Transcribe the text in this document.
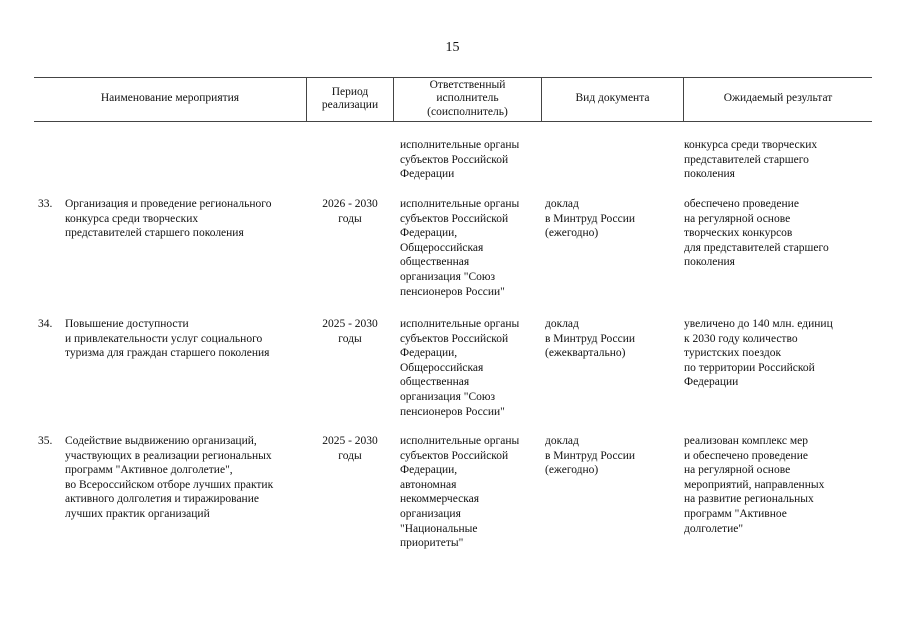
15
Наименование мероприятия
Период
реализации
Ответственный
исполнитель
(соисполнитель)
Вид документа	Ожидаемый результат
исполнительные органы
субъектов Российской
Федерации
конкурса среди творческих
представителей старшего
поколения
33. Организация и проведение регионального
конкурса среди творческих
представителей старшего поколения
2026 - 2030
годы
исполнительные органы
субъектов Российской
Федерации,
Общероссийская
общественная
организация "Союз
пенсионеров России"
доклад
в Минтруд России
(ежегодно)
обеспечено проведение
на регулярной основе
творческих конкурсов
для представителей старшего
поколения
34. Повышение доступности
и привлекательности услуг социального
туризма для граждан старшего поколения
2025 - 2030
годы
исполнительные органы
субъектов Российской
Федерации,
Общероссийская
общественная
организация "Союз
пенсионеров России"
доклад
в Минтруд России
(ежеквартально)
увеличено до 140 млн. единиц
к 2030 году количество
туристских поездок
по территории Российской
Федерации
35. Содействие выдвижению организаций,
участвующих в реализации региональных
программ "Активное долголетие",
во Всероссийском отборе лучших практик
активного долголетия и тиражирование
лучших практик организаций
2025 - 2030
годы
исполнительные органы
субъектов Российской
Федерации,
автономная
некоммерческая
организация
"Национальные
приоритеты"
доклад
в Минтруд России
(ежегодно)
реализован комплекс мер
и обеспечено проведение
на регулярной основе
мероприятий, направленных
на развитие региональных
программ "Активное
долголетие"
